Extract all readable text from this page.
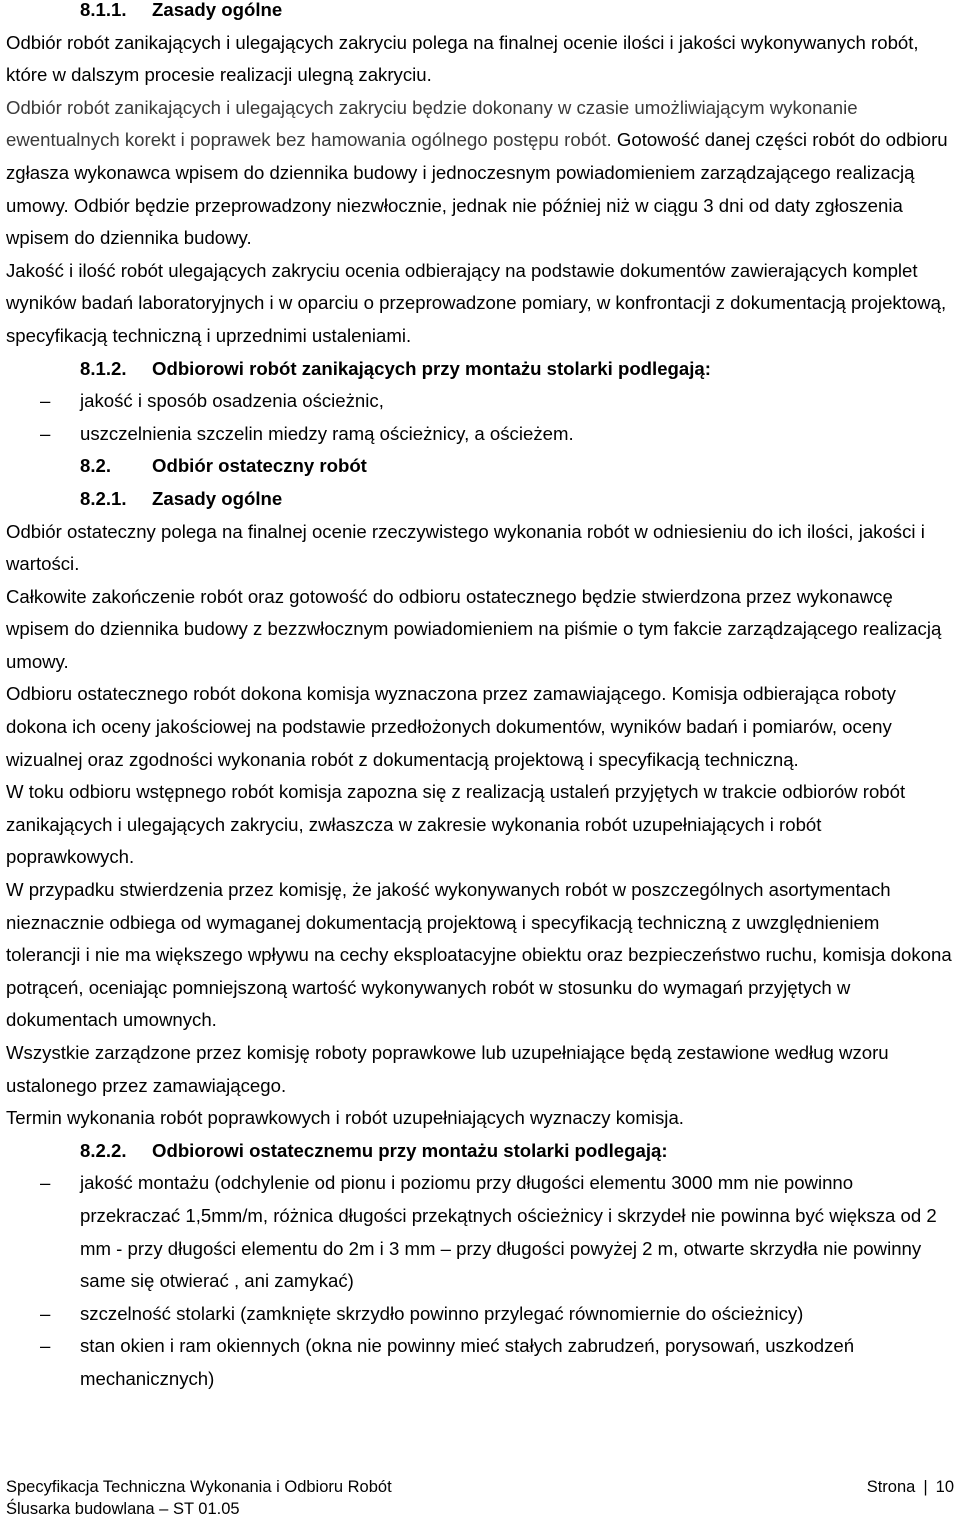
8.1.1. Zasady ogólne

Odbiór robót zanikających i ulegających zakryciu polega na finalnej ocenie ilości i jakości wykonywanych robót, które w dalszym procesie realizacji ulegną zakryciu.

Odbiór robót zanikających i ulegających zakryciu będzie dokonany w czasie umożliwiającym wykonanie ewentualnych korekt i poprawek bez hamowania ogólnego postępu robót. Gotowość danej części robót do odbioru zgłasza wykonawca wpisem do dziennika budowy i jednoczesnym powiadomieniem zarządzającego realizacją umowy. Odbiór będzie przeprowadzony niezwłocznie, jednak nie później niż w ciągu 3 dni od daty zgłoszenia wpisem do dziennika budowy.

Jakość i ilość robót ulegających zakryciu ocenia odbierający na podstawie dokumentów zawierających komplet wyników badań laboratoryjnych i w oparciu o przeprowadzone pomiary, w konfrontacji z dokumentacją projektową, specyfikacją techniczną i uprzednimi ustaleniami.

8.1.2. Odbiorowi robót zanikających przy montażu stolarki podlegają:
– jakość i sposób osadzenia ościeżnic,
– uszczelnienia szczelin miedzy ramą ościeżnicy, a ościeżem.
8.2. Odbiór ostateczny robót
8.2.1. Zasady ogólne

Odbiór ostateczny polega na finalnej ocenie rzeczywistego wykonania robót w odniesieniu do ich ilości, jakości i wartości.

Całkowite zakończenie robót oraz gotowość do odbioru ostatecznego będzie stwierdzona przez wykonawcę wpisem do dziennika budowy z bezzwłocznym powiadomieniem na piśmie o tym fakcie zarządzającego realizacją umowy.

Odbioru ostatecznego robót dokona komisja wyznaczona przez zamawiającego. Komisja odbierająca roboty dokona ich oceny jakościowej na podstawie przedłożonych dokumentów, wyników badań i pomiarów, oceny wizualnej oraz zgodności wykonania robót z dokumentacją projektową i specyfikacją techniczną.

W toku odbioru wstępnego robót komisja zapozna się z realizacją ustaleń przyjętych w trakcie odbiorów robót zanikających i ulegających zakryciu, zwłaszcza w zakresie wykonania robót uzupełniających i robót poprawkowych.

W przypadku stwierdzenia przez komisję, że jakość wykonywanych robót w poszczególnych asortymentach nieznacznie odbiega od wymaganej dokumentacją projektową i specyfikacją techniczną z uwzględnieniem tolerancji i nie ma większego wpływu na cechy eksploatacyjne obiektu oraz bezpieczeństwo ruchu, komisja dokona potrąceń, oceniając pomniejszoną wartość wykonywanych robót w stosunku do wymagań przyjętych w dokumentach umownych.

Wszystkie zarządzone przez komisję roboty poprawkowe lub uzupełniające będą zestawione według wzoru ustalonego przez zamawiającego.

Termin wykonania robót poprawkowych i robót uzupełniających wyznaczy komisja.

8.2.2. Odbiorowi ostatecznemu przy montażu stolarki podlegają:
– jakość montażu (odchylenie od pionu i poziomu przy długości elementu 3000 mm nie powinno przekraczać 1,5mm/m, różnica długości przekątnych ościeżnicy i skrzydeł nie powinna być większa od 2 mm - przy długości elementu do 2m i 3 mm – przy długości powyżej 2 m, otwarte skrzydła nie powinny same się otwierać , ani zamykać)
– szczelność stolarki (zamknięte skrzydło powinno przylegać równomiernie do ościeżnicy)
– stan okien i ram okiennych (okna nie powinny mieć stałych zabrudzeń, porysowań, uszkodzeń mechanicznych)
Specyfikacja Techniczna Wykonania i Odbioru Robót
Ślusarka budowlana – ST 01.05
Strona | 10
